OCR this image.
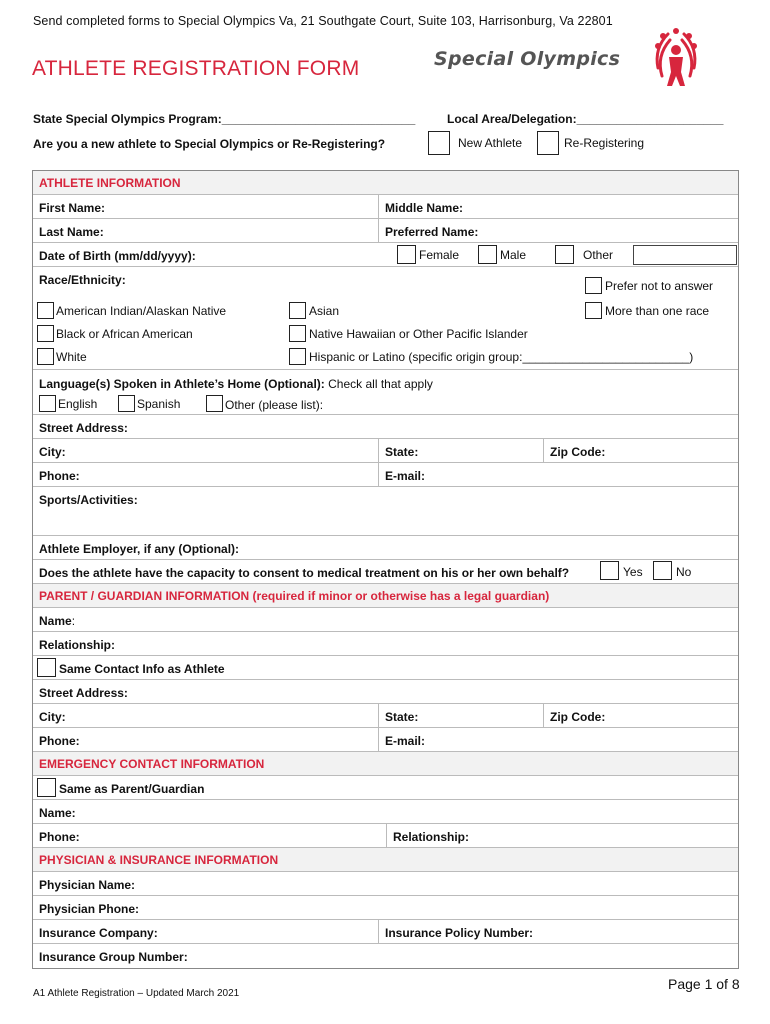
Send completed forms to Special Olympics Va, 21 Southgate Court, Suite 103, Harrisonburg, Va 22801
ATHLETE REGISTRATION FORM	Special Olympics
State Special Olympics Program:_____________________________	Local Area/Delegation:______________________
Are you a new athlete to Special Olympics or Re-Registering?	New Athlete	Re-Registering
ATHLETE INFORMATION
First Name:	Middle Name:
Last Name:	Preferred Name:
Date of Birth (mm/dd/yyyy):	Female	Male	Other
Race/Ethnicity:	Prefer not to answer
American Indian/Alaskan Native	Asian	More than one race
Black or African American	Native Hawaiian or Other Pacific Islander
White	Hispanic or Latino (specific origin group:_________________________)
Language(s) Spoken in Athlete’s Home (Optional): Check all that apply
English	Spanish	Other (please list):
Street Address:
City:	State:	Zip Code:
Phone:	E-mail:
Sports/Activities:
Athlete Employer, if any (Optional):
Does the athlete have the capacity to consent to medical treatment on his or her own behalf?	Yes	No
PARENT / GUARDIAN INFORMATION (required if minor or otherwise has a legal guardian)
Name:
Relationship:
Same Contact Info as Athlete
Street Address:
City:	State:	Zip Code:
Phone:	E-mail:
EMERGENCY CONTACT INFORMATION
Same as Parent/Guardian
Name:
Phone:	Relationship:
PHYSICIAN & INSURANCE INFORMATION
Physician Name:
Physician Phone:
Insurance Company:	Insurance Policy Number:
Insurance Group Number:
Page 1 of 8
A1 Athlete Registration – Updated March 2021
